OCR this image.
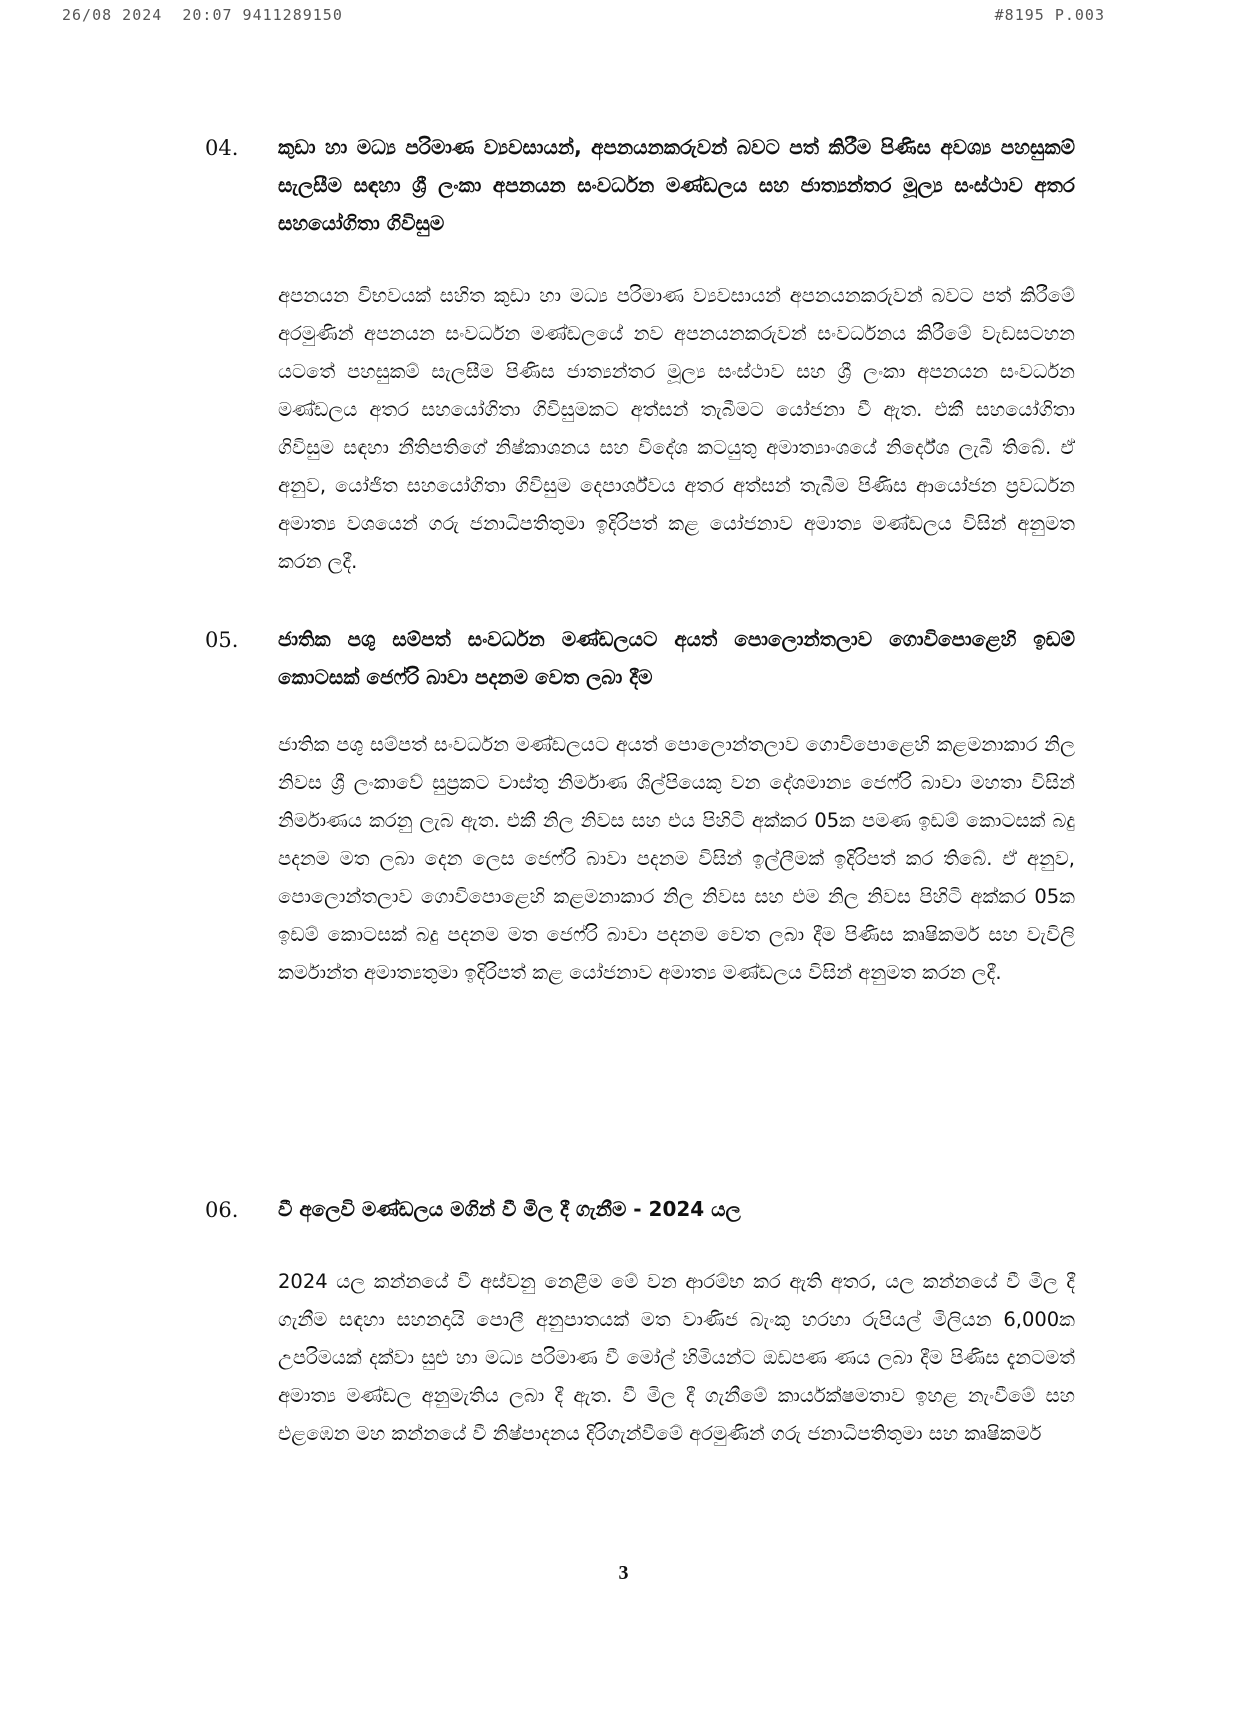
26/08 2024  20:07 9411289150	#8195 P.003
04. කුඩා හා මධ්‍ය පරිමාණ ව්‍යවසායන්, අපනයනකරුවන් බවට පත් කිරීම පිණිස අවශ්‍ය පහසුකම් සැලසීම සඳහා ශ්‍රී ලංකා අපනයන සංවර්ධන මණ්ඩලය සහ ජාත්‍යන්තර මූල්‍ය සංස්ථාව අතර සහයෝගිතා ගිවිසුම
අපනයන විභවයක් සහිත කුඩා හා මධ්‍ය පරිමාණ ව්‍යවසායන් අපනයනකරුවන් බවට පත් කිරීමේ අරමුණින් අපනයන සංවර්ධන මණ්ඩලයේ නව අපනයනකරුවන් සංවර්ධනය කිරීමේ වැඩසටහන යටතේ පහසුකම් සැලසීම පිණිස ජාත්‍යන්තර මූල්‍ය සංස්ථාව සහ ශ්‍රී ලංකා අපනයන සංවර්ධන මණ්ඩලය අතර සහයෝගිතා ගිවිසුමකට අත්සන් තැබීමට යෝජනා වී ඇත. එකී සහයෝගිතා ගිවිසුම සඳහා නීතිපතිගේ නිෂ්කාශනය සහ විදේශ කටයුතු අමාත්‍යාංශයේ නිර්දේශ ලැබී තිබේ. ඒ අනුව, යෝජිත සහයෝගිතා ගිවිසුම දෙපාර්ශ්වය අතර අත්සන් තැබීම පිණිස ආයෝජන ප්‍රවර්ධන අමාත්‍ය වශයෙන් ගරු ජනාධිපතිතුමා ඉදිරිපත් කළ යෝජනාව අමාත්‍ය මණ්ඩලය විසින් අනුමත කරන ලදී.
05. ජාතික පශු සම්පත් සංවර්ධන මණ්ඩලයට අයත් පොලොන්තලාව ගොවිපොළෙහි ඉඩම් කොටසක් ජෙෆ්රි බාවා පදනම වෙත ලබා දීම
ජාතික පශු සම්පත් සංවර්ධන මණ්ඩලයට අයත් පොලොන්තලාව ගොවිපොළෙහි කළමනාකාර නිල නිවස ශ්‍රී ලංකාවේ සුප්‍රකට වාස්තු නිර්මාණ ශිල්පියෙකු වන දේශමාන්‍ය ජෙෆ්රි බාවා මහතා විසින් නිර්මාණය කරනු ලැබ ඇත. එකී නිල නිවස සහ එය පිහිටි අක්කර 05ක පමණ ඉඩම් කොටසක් බදු පදනම මත ලබා දෙන ලෙස ජෙෆ්රි බාවා පදනම විසින් ඉල්ලීමක් ඉදිරිපත් කර තිබේ. ඒ අනුව, පොලොන්තලාව ගොවිපොළෙහි කළමනාකාර නිල නිවස සහ එම නිල නිවස පිහිටි අක්කර 05ක ඉඩම් කොටසක් බදු පදනම මත ජෙෆ්රි බාවා පදනම වෙත ලබා දීම පිණිස කෘෂිකර්ම සහ වැවිලි කර්මාන්ත අමාත්‍යතුමා ඉදිරිපත් කළ යෝජනාව අමාත්‍ය මණ්ඩලය විසින් අනුමත කරන ලදී.
06. වී අලෙවි මණ්ඩලය මගින් වී මිල දී ගැනීම - 2024 යල
2024 යල කන්නයේ වී අස්වනු නෙළීම මේ වන ආරම්භ කර ඇති අතර, යල කන්නයේ වී මිල දී ගැනීම සඳහා සහනදායි පොලී අනුපාතයක් මත වාණිජ බැංකු හරහා රුපියල් මිලියන 6,000ක උපරිමයක් දක්වා සුළු හා මධ්‍ය පරිමාණ වී මෝල් හිමියන්ට ඔඩපණ ණය ලබා දීම පිණිස දැනටමත් අමාත්‍ය මණ්ඩල අනුමැතිය ලබා දී ඇත. වී මිල දී ගැනීමේ කාර්යක්ෂමතාව ඉහළ නැංවීමේ සහ එළඹෙන මහ කන්නයේ වී නිෂ්පාදනය දිරිගැන්වීමේ අරමුණින් ගරු ජනාධිපතිතුමා සහ කෘෂිකර්ම
3
